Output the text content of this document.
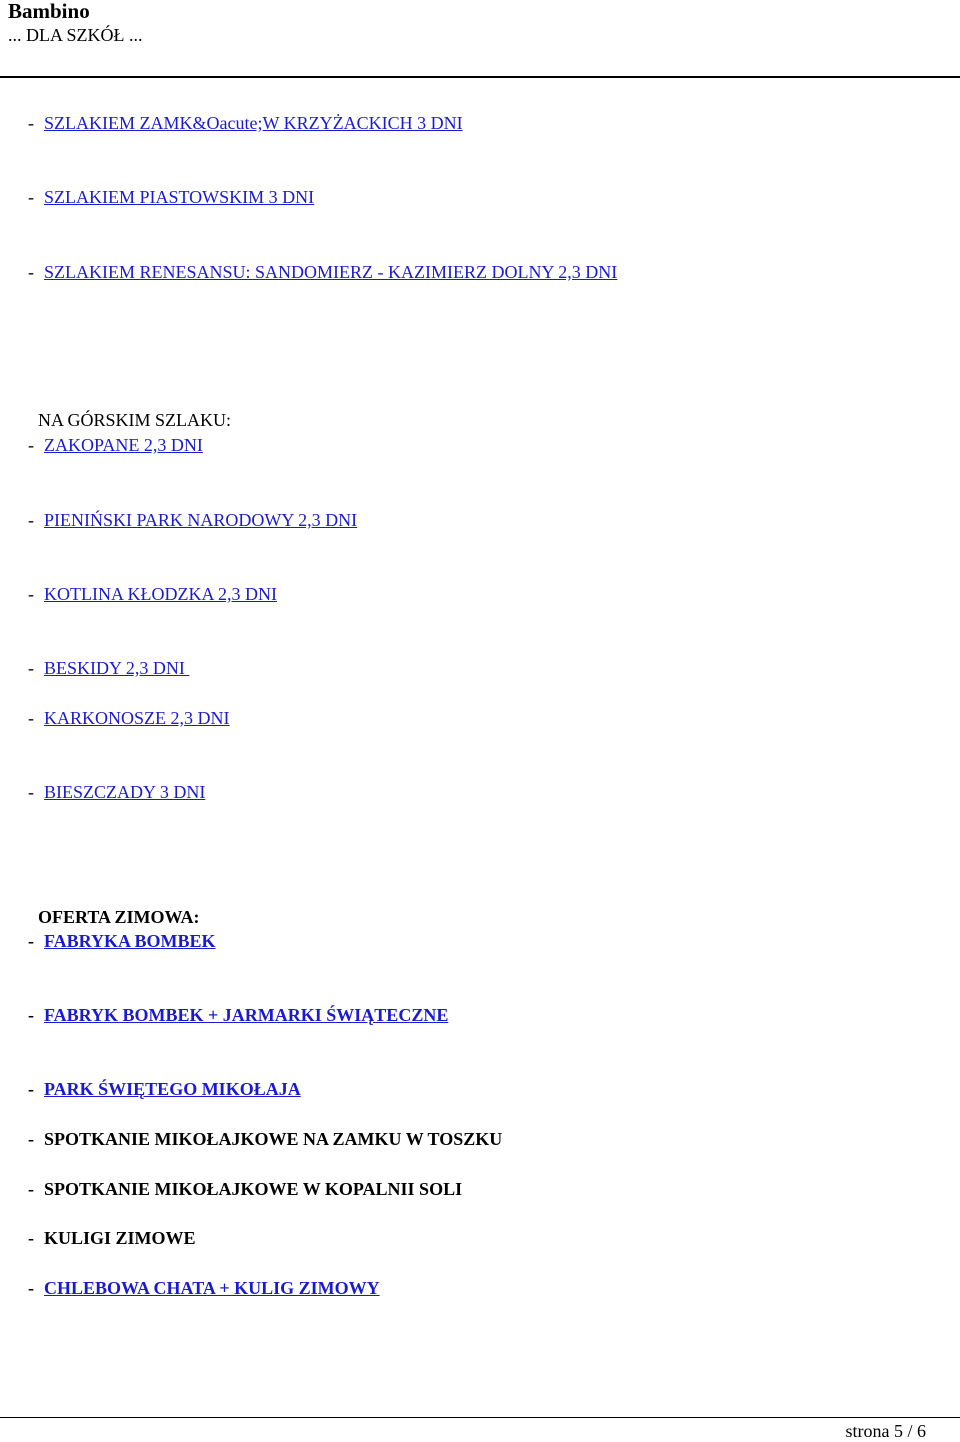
Bambino
... DLA SZKÓŁ ...
- SZLAKIEM ZAMK&Oacute;W KRZYŻACKICH 3 DNI
- SZLAKIEM PIASTOWSKIM 3 DNI
- SZLAKIEM RENESANSU: SANDOMIERZ - KAZIMIERZ DOLNY 2,3 DNI
NA GÓRSKIM SZLAKU:
- ZAKOPANE 2,3 DNI
- PIENIŃSKI PARK NARODOWY 2,3 DNI
- KOTLINA KŁODZKA 2,3 DNI
- BESKIDY 2,3 DNI
- KARKONOSZE 2,3 DNI
- BIESZCZADY 3 DNI
OFERTA ZIMOWA:
- FABRYKA BOMBEK
- FABRYK BOMBEK + JARMARKI ŚWIĄTECZNE
- PARK ŚWIĘTEGO MIKOŁAJA
- SPOTKANIE MIKOŁAJKOWE NA ZAMKU W TOSZKU
- SPOTKANIE MIKOŁAJKOWE W KOPALNII SOLI
- KULIGI ZIMOWE
- CHLEBOWA CHATA + KULIG ZIMOWY
strona 5 / 6
